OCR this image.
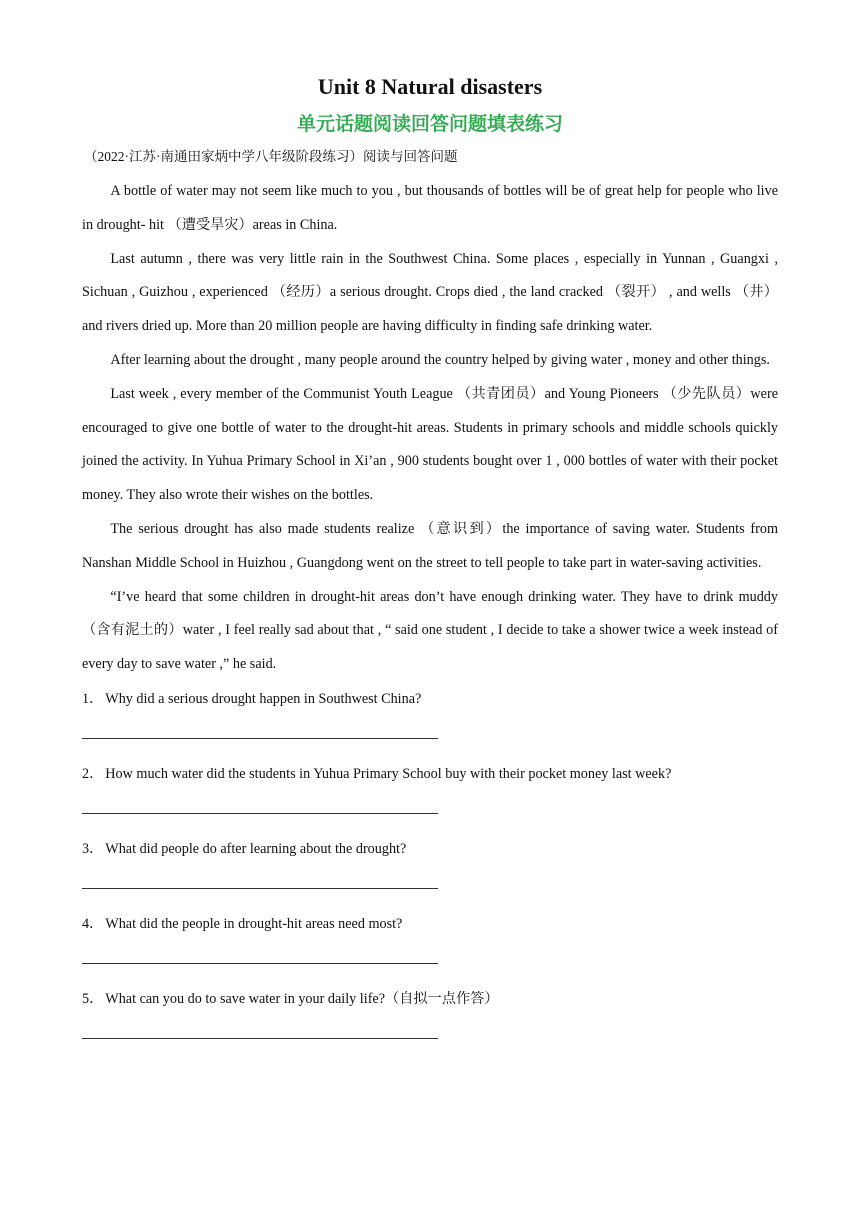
Unit 8 Natural disasters
单元话题阅读回答问题填表练习
（2022·江苏·南通田家炳中学八年级阶段练习）阅读与回答问题

A bottle of water may not seem like much to you , but thousands of bottles will be of great help for people who live in drought- hit （遭受旱灾）areas in China.

Last autumn , there was very little rain in the Southwest China. Some places , especially in Yunnan , Guangxi , Sichuan , Guizhou , experienced （经历）a serious drought. Crops died , the land cracked （裂开） , and wells （井）and rivers dried up. More than 20 million people are having difficulty in finding safe drinking water.

After learning about the drought , many people around the country helped by giving water , money and other things.

Last week , every member of the Communist Youth League （共青团员）and Young Pioneers （少先队员）were encouraged to give one bottle of water to the drought-hit areas. Students in primary schools and middle schools quickly joined the activity. In Yuhua Primary School in Xi’an , 900 students bought over 1 , 000 bottles of water with their pocket money. They also wrote their wishes on the bottles.

The serious drought has also made students realize （意识到）the importance of saving water. Students from Nanshan Middle School in Huizhou , Guangdong went on the street to tell people to take part in water-saving activities.

“I’ve heard that some children in drought-hit areas don’t have enough drinking water. They have to drink muddy （含有泥土的）water , I feel really sad about that , “ said one student , I decide to take a shower twice a week instead of every day to save water ,” he said.

1． Why did a serious drought happen in Southwest China?
2． How much water did the students in Yuhua Primary School buy with their pocket money last week?
3． What did people do after learning about the drought?
4． What did the people in drought-hit areas need most?
5． What can you do to save water in your daily life?（自拟一点作答）
